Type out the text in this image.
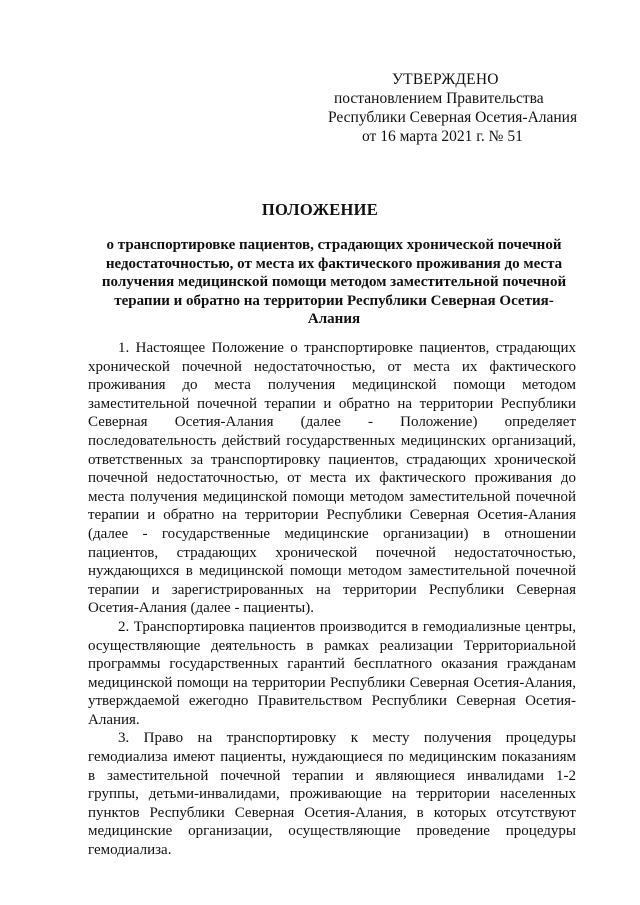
УТВЕРЖДЕНО
постановлением Правительства
Республики Северная Осетия-Алания
от 16 марта 2021 г. № 51
ПОЛОЖЕНИЕ
о транспортировке пациентов, страдающих хронической почечной
недостаточностью, от места их фактического проживания до места
получения медицинской помощи методом заместительной почечной
терапии и обратно на территории Республики Северная Осетия-
Алания
1. Настоящее Положение о транспортировке пациентов, страдающих
хронической почечной недостаточностью, от места их фактического
проживания до места получения медицинской помощи методом
заместительной почечной терапии и обратно на территории Республики
Северная Осетия-Алания (далее - Положение) определяет
последовательность действий государственных медицинских организаций,
ответственных за транспортировку пациентов, страдающих хронической
почечной недостаточностью, от места их фактического проживания до
места получения медицинской помощи методом заместительной почечной
терапии и обратно на территории Республики Северная Осетия-Алания
(далее - государственные медицинские организации) в отношении
пациентов, страдающих хронической почечной недостаточностью,
нуждающихся в медицинской помощи методом заместительной почечной
терапии и зарегистрированных на территории Республики Северная
Осетия-Алания (далее - пациенты).
2. Транспортировка пациентов производится в гемодиализные центры,
осуществляющие деятельность в рамках реализации Территориальной
программы государственных гарантий бесплатного оказания гражданам
медицинской помощи на территории Республики Северная Осетия-Алания,
утверждаемой ежегодно Правительством Республики Северная Осетия-
Алания.
3. Право на транспортировку к месту получения процедуры
гемодиализа имеют пациенты, нуждающиеся по медицинским показаниям
в заместительной почечной терапии и являющиеся инвалидами 1-2
группы, детьми-инвалидами, проживающие на территории населенных
пунктов Республики Северная Осетия-Алания, в которых отсутствуют
медицинские организации, осуществляющие проведение процедуры
гемодиализа.
